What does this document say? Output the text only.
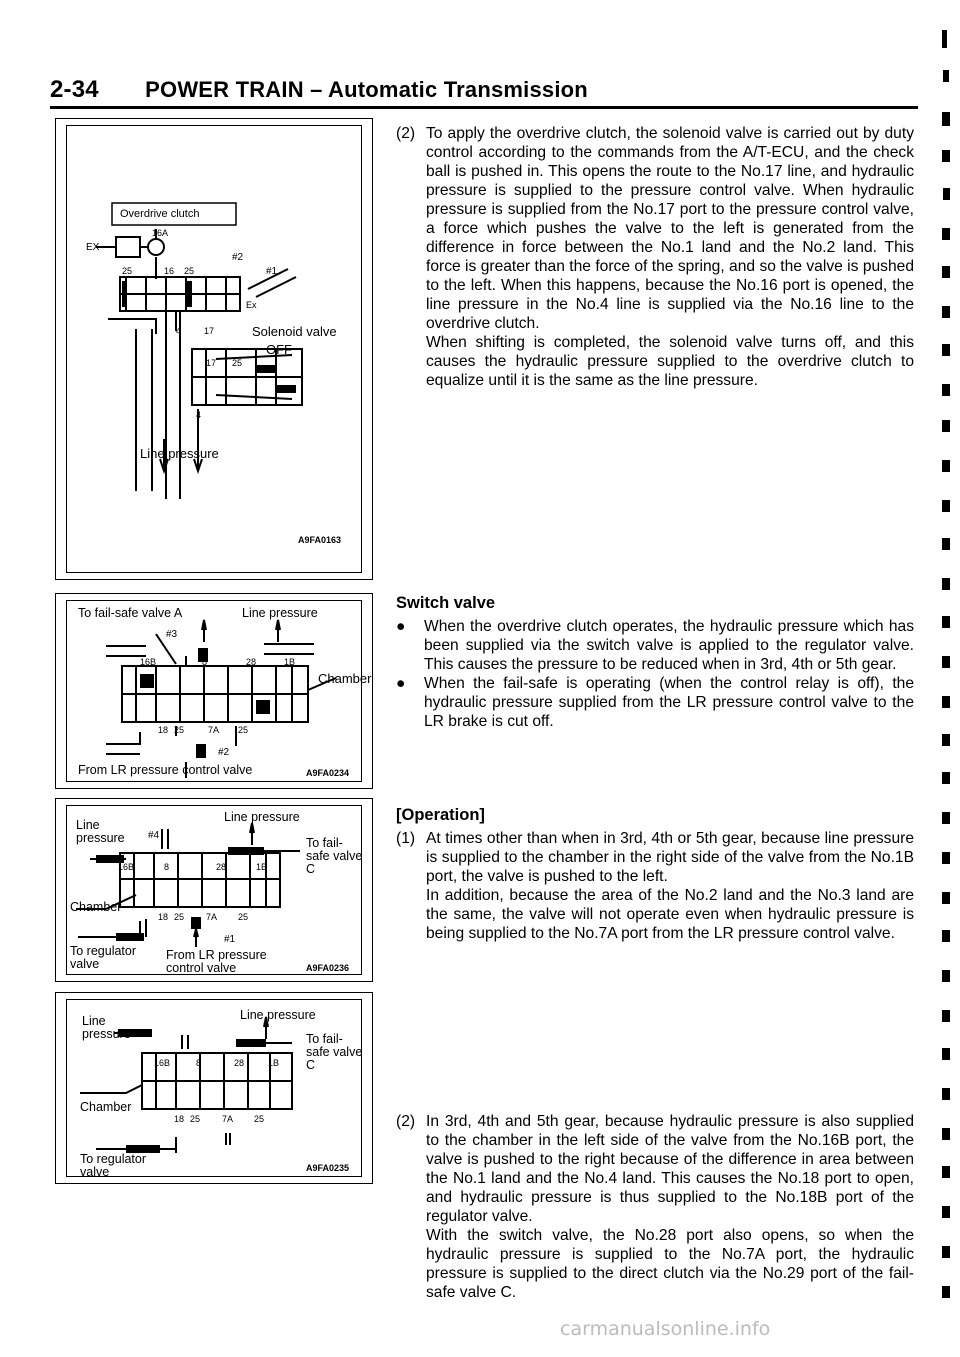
2-34 POWER TRAIN – Automatic Transmission
Overdrive clutch
EX
16A
#2
#1
25	16 25
Ex
4	17	Solenoid valve
OFF
17 25
4
Line pressure
A9FA0163
To fail-safe valve A	Line pressure
#3
16B	8	28	1B
Chamber
18 25	7A 25
#2
From LR pressure control valve	A9FA0234
Line pressure
Line pressure
#4
To fail-safe valve C
16B	8	28	1B
Chamber
18 25 7A 25
#1
To regulator valve
From LR pressure control valve	A9FA0236
Line pressure
Line pressure
To fail-safe valve C
16B	8	28	1B
Chamber
18 25 7A 25
To regulator valve	A9FA0235
(2) To apply the overdrive clutch, the solenoid valve is carried out by duty control according to the commands from the A/T-ECU, and the check ball is pushed in. This opens the route to the No.17 line, and hydraulic pressure is supplied to the pressure control valve. When hydraulic pressure is supplied from the No.17 port to the pressure control valve, a force which pushes the valve to the left is generated from the difference in force between the No.1 land and the No.2 land. This force is greater than the force of the spring, and so the valve is pushed to the left. When this happens, because the No.16 port is opened, the line pressure in the No.4 line is supplied via the No.16 line to the overdrive clutch.

When shifting is completed, the solenoid valve turns off, and this causes the hydraulic pressure supplied to the overdrive clutch to equalize until it is the same as the line pressure.

Switch valve

●	When the overdrive clutch operates, the hydraulic pressure which has been supplied via the switch valve is applied to the regulator valve. This causes the pressure to be reduced when in 3rd, 4th or 5th gear.
●	When the fail-safe is operating (when the control relay is off), the hydraulic pressure supplied from the LR pressure control valve to the LR brake is cut off.

[Operation]

(1) At times other than when in 3rd, 4th or 5th gear, because line pressure is supplied to the chamber in the right side of the valve from the No.1B port, the valve is pushed to the left.

In addition, because the area of the No.2 land and the No.3 land are the same, the valve will not operate even when hydraulic pressure is being supplied to the No.7A port from the LR pressure control valve.

(2) In 3rd, 4th and 5th gear, because hydraulic pressure is also supplied to the chamber in the left side of the valve from the No.16B port, the valve is pushed to the right because of the difference in area between the No.1 land and the No.4 land. This causes the No.18 port to open, and hydraulic pressure is thus supplied to the No.18B port of the regulator valve.

With the switch valve, the No.28 port also opens, so when the hydraulic pressure is supplied to the No.7A port, the hydraulic pressure is supplied to the direct clutch via the No.29 port of the fail-safe valve C.

carmanualsonline.info
